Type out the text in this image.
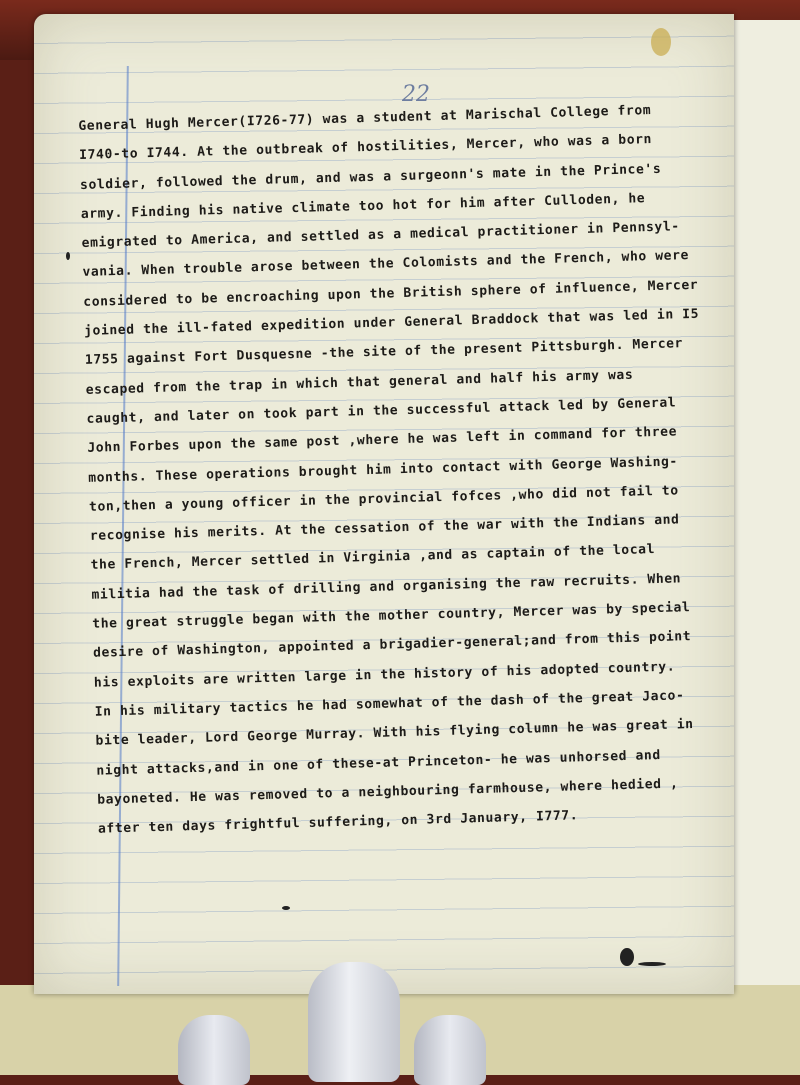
22
General Hugh Mercer(I726-77) was a student at Marischal College from
I740-to I744. At the outbreak of hostilities, Mercer, who was a born
soldier, followed the drum, and was a surgeonn's mate in the Prince's
army. Finding his native climate too hot for him after Culloden, he
emigrated to America, and settled as a medical practitioner in Pennsyl-
vania. When trouble arose between the Colomists and the French, who were
considered to be encroaching upon the British sphere of influence, Mercer
joined the ill-fated expedition under General Braddock that was led in I5
1755 against Fort Dusquesne -the site of the present Pittsburgh. Mercer
escaped from the trap in which that general and half his army was
caught, and later on took part in the successful attack led by General
John Forbes upon the same post ,where he was left in command for three
months. These operations brought him into contact with George Washing-
ton,then a young officer in the provincial fofces ,who did not fail to
recognise his merits. At the cessation of the war with the Indians and
the French, Mercer settled in Virginia ,and as captain of the local
militia had the task of drilling and organising the raw recruits. When
the great struggle began with the mother country, Mercer was by special
desire of Washington, appointed a brigadier-general;and from this point
his exploits are written large in the history of his adopted country.
In his military tactics he had somewhat of the dash of the great Jaco-
bite leader, Lord George Murray. With his flying column he was great in
night attacks,and in one of these-at Princeton- he was unhorsed and
bayoneted. He was removed to a neighbouring farmhouse, where hedied ,
after ten days frightful suffering, on 3rd January, I777.
